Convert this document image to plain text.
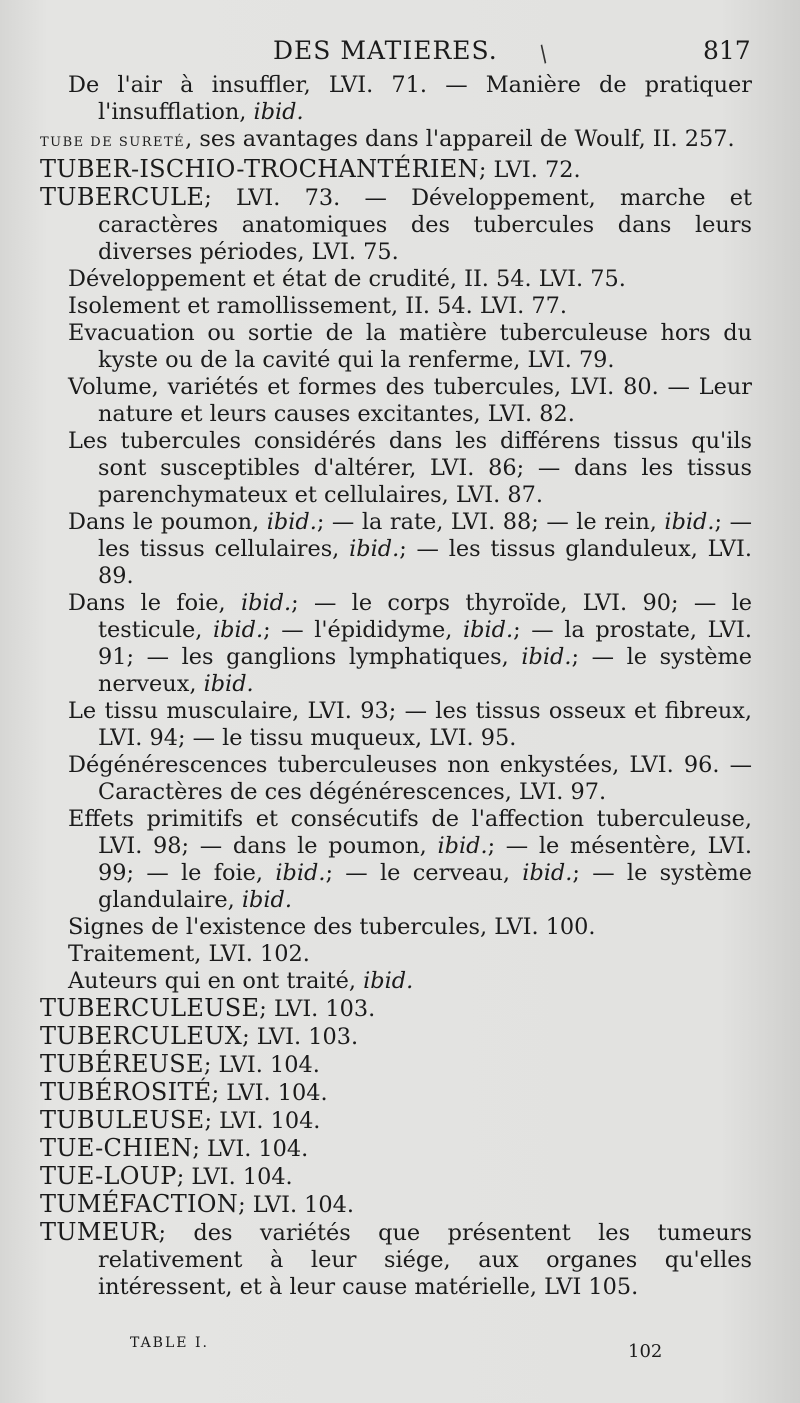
DES MATIERES. /	817
De l'air à insuffler, LVI. 71. — Manière de pratiquer l'insufflation, ibid.
TUBE DE SURETÉ, ses avantages dans l'appareil de Woulf, II. 257.
TUBER-ISCHIO-TROCHANTÉRIEN; LVI. 72.
TUBERCULE; LVI. 73. — Développement, marche et caractères anatomiques des tubercules dans leurs diverses périodes, LVI. 75.
Développement et état de crudité, II. 54. LVI. 75.
Isolement et ramollissement, II. 54. LVI. 77.
Evacuation ou sortie de la matière tuberculeuse hors du kyste ou de la cavité qui la renferme, LVI. 79.
Volume, variétés et formes des tubercules, LVI. 80. — Leur nature et leurs causes excitantes, LVI. 82.
Les tubercules considérés dans les différens tissus qu'ils sont susceptibles d'altérer, LVI. 86; — dans les tissus parenchymateux et cellulaires, LVI. 87.
Dans le poumon, ibid.; — la rate, LVI. 88; — le rein, ibid.; — les tissus cellulaires, ibid.; — les tissus glanduleux, LVI. 89.
Dans le foie, ibid.; — le corps thyroïde, LVI. 90; — le testicule, ibid.; — l'épididyme, ibid.; — la prostate, LVI. 91; — les ganglions lymphatiques, ibid.; — le système nerveux, ibid.
Le tissu musculaire, LVI. 93; — les tissus osseux et fibreux, LVI. 94; — le tissu muqueux, LVI. 95.
Dégénérescences tuberculeuses non enkystées, LVI. 96. — Caractères de ces dégénérescences, LVI. 97.
Effets primitifs et consécutifs de l'affection tuberculeuse, LVI. 98; — dans le poumon, ibid.; — le mésentère, LVI. 99; — le foie, ibid.; — le cerveau, ibid.; — le système glandulaire, ibid.
Signes de l'existence des tubercules, LVI. 100.
Traitement, LVI. 102.
Auteurs qui en ont traité, ibid.
TUBERCULEUSE; LVI. 103.
TUBERCULEUX; LVI. 103.
TUBÉREUSE; LVI. 104.
TUBÉROSITÉ; LVI. 104.
TUBULEUSE; LVI. 104.
TUE-CHIEN; LVI. 104.
TUE-LOUP; LVI. 104.
TUMÉFACTION; LVI. 104.
TUMEUR; des variétés que présentent les tumeurs relativement à leur siége, aux organes qu'elles intéressent, et à leur cause matérielle, LVI 105.
TABLE I.	102
